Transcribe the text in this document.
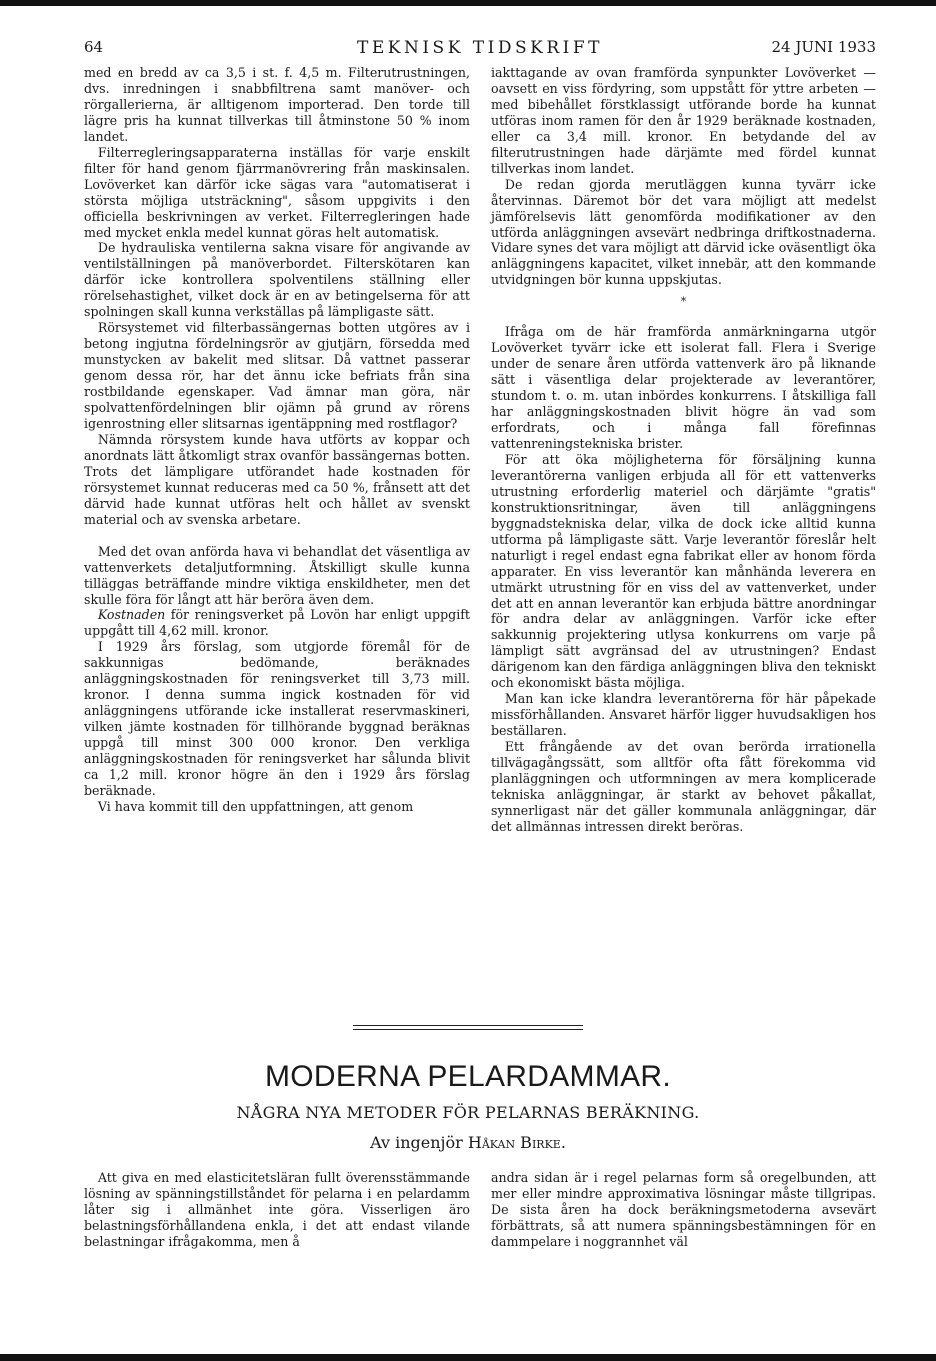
64	TEKNISK TIDSKRIFT	24 JUNI 1933

med en bredd av ca 3,5 i st. f. 4,5 m. Filterutrustningen, dvs. inredningen i snabbfiltrena samt manöver- och rörgallerierna, är alltigenom importerad. Den torde till lägre pris ha kunnat tillverkas till åtminstone 50 % inom landet.

Filterregleringsapparaterna inställas för varje enskilt filter för hand genom fjärrmanövrering från maskinsalen. Lovöverket kan därför icke sägas vara "automatiserat i största möjliga utsträckning", såsom uppgivits i den officiella beskrivningen av verket. Filterregleringen hade med mycket enkla medel kunnat göras helt automatisk.

De hydrauliska ventilerna sakna visare för angivande av ventilställningen på manöverbordet. Filterskötaren kan därför icke kontrollera spolventilens ställning eller rörelsehastighet, vilket dock är en av betingelserna för att spolningen skall kunna verkställas på lämpligaste sätt.

Rörsystemet vid filterbassängernas botten utgöres av i betong ingjutna fördelningsrör av gjutjärn, försedda med munstycken av bakelit med slitsar. Då vattnet passerar genom dessa rör, har det ännu icke befriats från sina rostbildande egenskaper. Vad ämnar man göra, när spolvattenfördelningen blir ojämn på grund av rörens igenrostning eller slitsarnas igentäppning med rostflagor?

Nämnda rörsystem kunde hava utförts av koppar och anordnats lätt åtkomligt strax ovanför bassängernas botten. Trots det lämpligare utförandet hade kostnaden för rörsystemet kunnat reduceras med ca 50 %, frånsett att det därvid hade kunnat utföras helt och hållet av svenskt material och av svenska arbetare.

Med det ovan anförda hava vi behandlat det väsentliga av vattenverkets detaljutformning. Åtskilligt skulle kunna tilläggas beträffande mindre viktiga enskildheter, men det skulle föra för långt att här beröra även dem.

Kostnaden för reningsverket på Lovön har enligt uppgift uppgått till 4,62 mill. kronor.

I 1929 års förslag, som utgjorde föremål för de sakkunnigas bedömande, beräknades anläggningskostnaden för reningsverket till 3,73 mill. kronor. I denna summa ingick kostnaden för vid anläggningens utförande icke installerat reservmaskineri, vilken jämte kostnaden för tillhörande byggnad beräknas uppgå till minst 300 000 kronor. Den verkliga anläggningskostnaden för reningsverket har sålunda blivit ca 1,2 mill. kronor högre än den i 1929 års förslag beräknade.

Vi hava kommit till den uppfattningen, att genom

iakttagande av ovan framförda synpunkter Lovöverket — oavsett en viss fördyring, som uppstått för yttre arbeten — med bibehållet förstklassigt utförande borde ha kunnat utföras inom ramen för den år 1929 beräknade kostnaden, eller ca 3,4 mill. kronor. En betydande del av filterutrustningen hade därjämte med fördel kunnat tillverkas inom landet.

De redan gjorda merutläggen kunna tyvärr icke återvinnas. Däremot bör det vara möjligt att medelst jämförelsevis lätt genomförda modifikationer av den utförda anläggningen avsevärt nedbringa driftkostnaderna. Vidare synes det vara möjligt att därvid icke oväsentligt öka anläggningens kapacitet, vilket innebär, att den kommande utvidgningen bör kunna uppskjutas.

*

Ifråga om de här framförda anmärkningarna utgör Lovöverket tyvärr icke ett isolerat fall. Flera i Sverige under de senare åren utförda vattenverk äro på liknande sätt i väsentliga delar projekterade av leverantörer, stundom t. o. m. utan inbördes konkurrens. I åtskilliga fall har anläggningskostnaden blivit högre än vad som erfordrats, och i många fall förefinnas vattenreningstekniska brister.

För att öka möjligheterna för försäljning kunna leverantörerna vanligen erbjuda all för ett vattenverks utrustning erforderlig materiel och därjämte "gratis" konstruktionsritningar, även till anläggningens byggnadstekniska delar, vilka de dock icke alltid kunna utforma på lämpligaste sätt. Varje leverantör föreslår helt naturligt i regel endast egna fabrikat eller av honom förda apparater. En viss leverantör kan månhända leverera en utmärkt utrustning för en viss del av vattenverket, under det att en annan leverantör kan erbjuda bättre anordningar för andra delar av anläggningen. Varför icke efter sakkunnig projektering utlysa konkurrens om varje på lämpligt sätt avgränsad del av utrustningen? Endast därigenom kan den färdiga anläggningen bliva den tekniskt och ekonomiskt bästa möjliga.

Man kan icke klandra leverantörerna för här påpekade missförhållanden. Ansvaret härför ligger huvudsakligen hos beställaren.

Ett frångående av det ovan berörda irrationella tillvägagångssätt, som alltför ofta fått förekomma vid planläggningen och utformningen av mera komplicerade tekniska anläggningar, är starkt av behovet påkallat, synnerligast när det gäller kommunala anläggningar, där det allmännas intressen direkt beröras.

MODERNA PELARDAMMAR.
NÅGRA NYA METODER FÖR PELARNAS BERÄKNING.
Av ingenjör Håkan Birke.

Att giva en med elasticitetsläran fullt överensstämmande lösning av spänningstillståndet för pelarna i en pelardamm låter sig i allmänhet inte göra. Visserligen äro belastningsförhållandena enkla, i det att endast vilande belastningar ifrågakomma, men å

andra sidan är i regel pelarnas form så oregelbunden, att mer eller mindre approximativa lösningar måste tillgripas. De sista åren ha dock beräkningsmetoderna avsevärt förbättrats, så att numera spänningsbestämningen för en dammpelare i noggrannhet väl
